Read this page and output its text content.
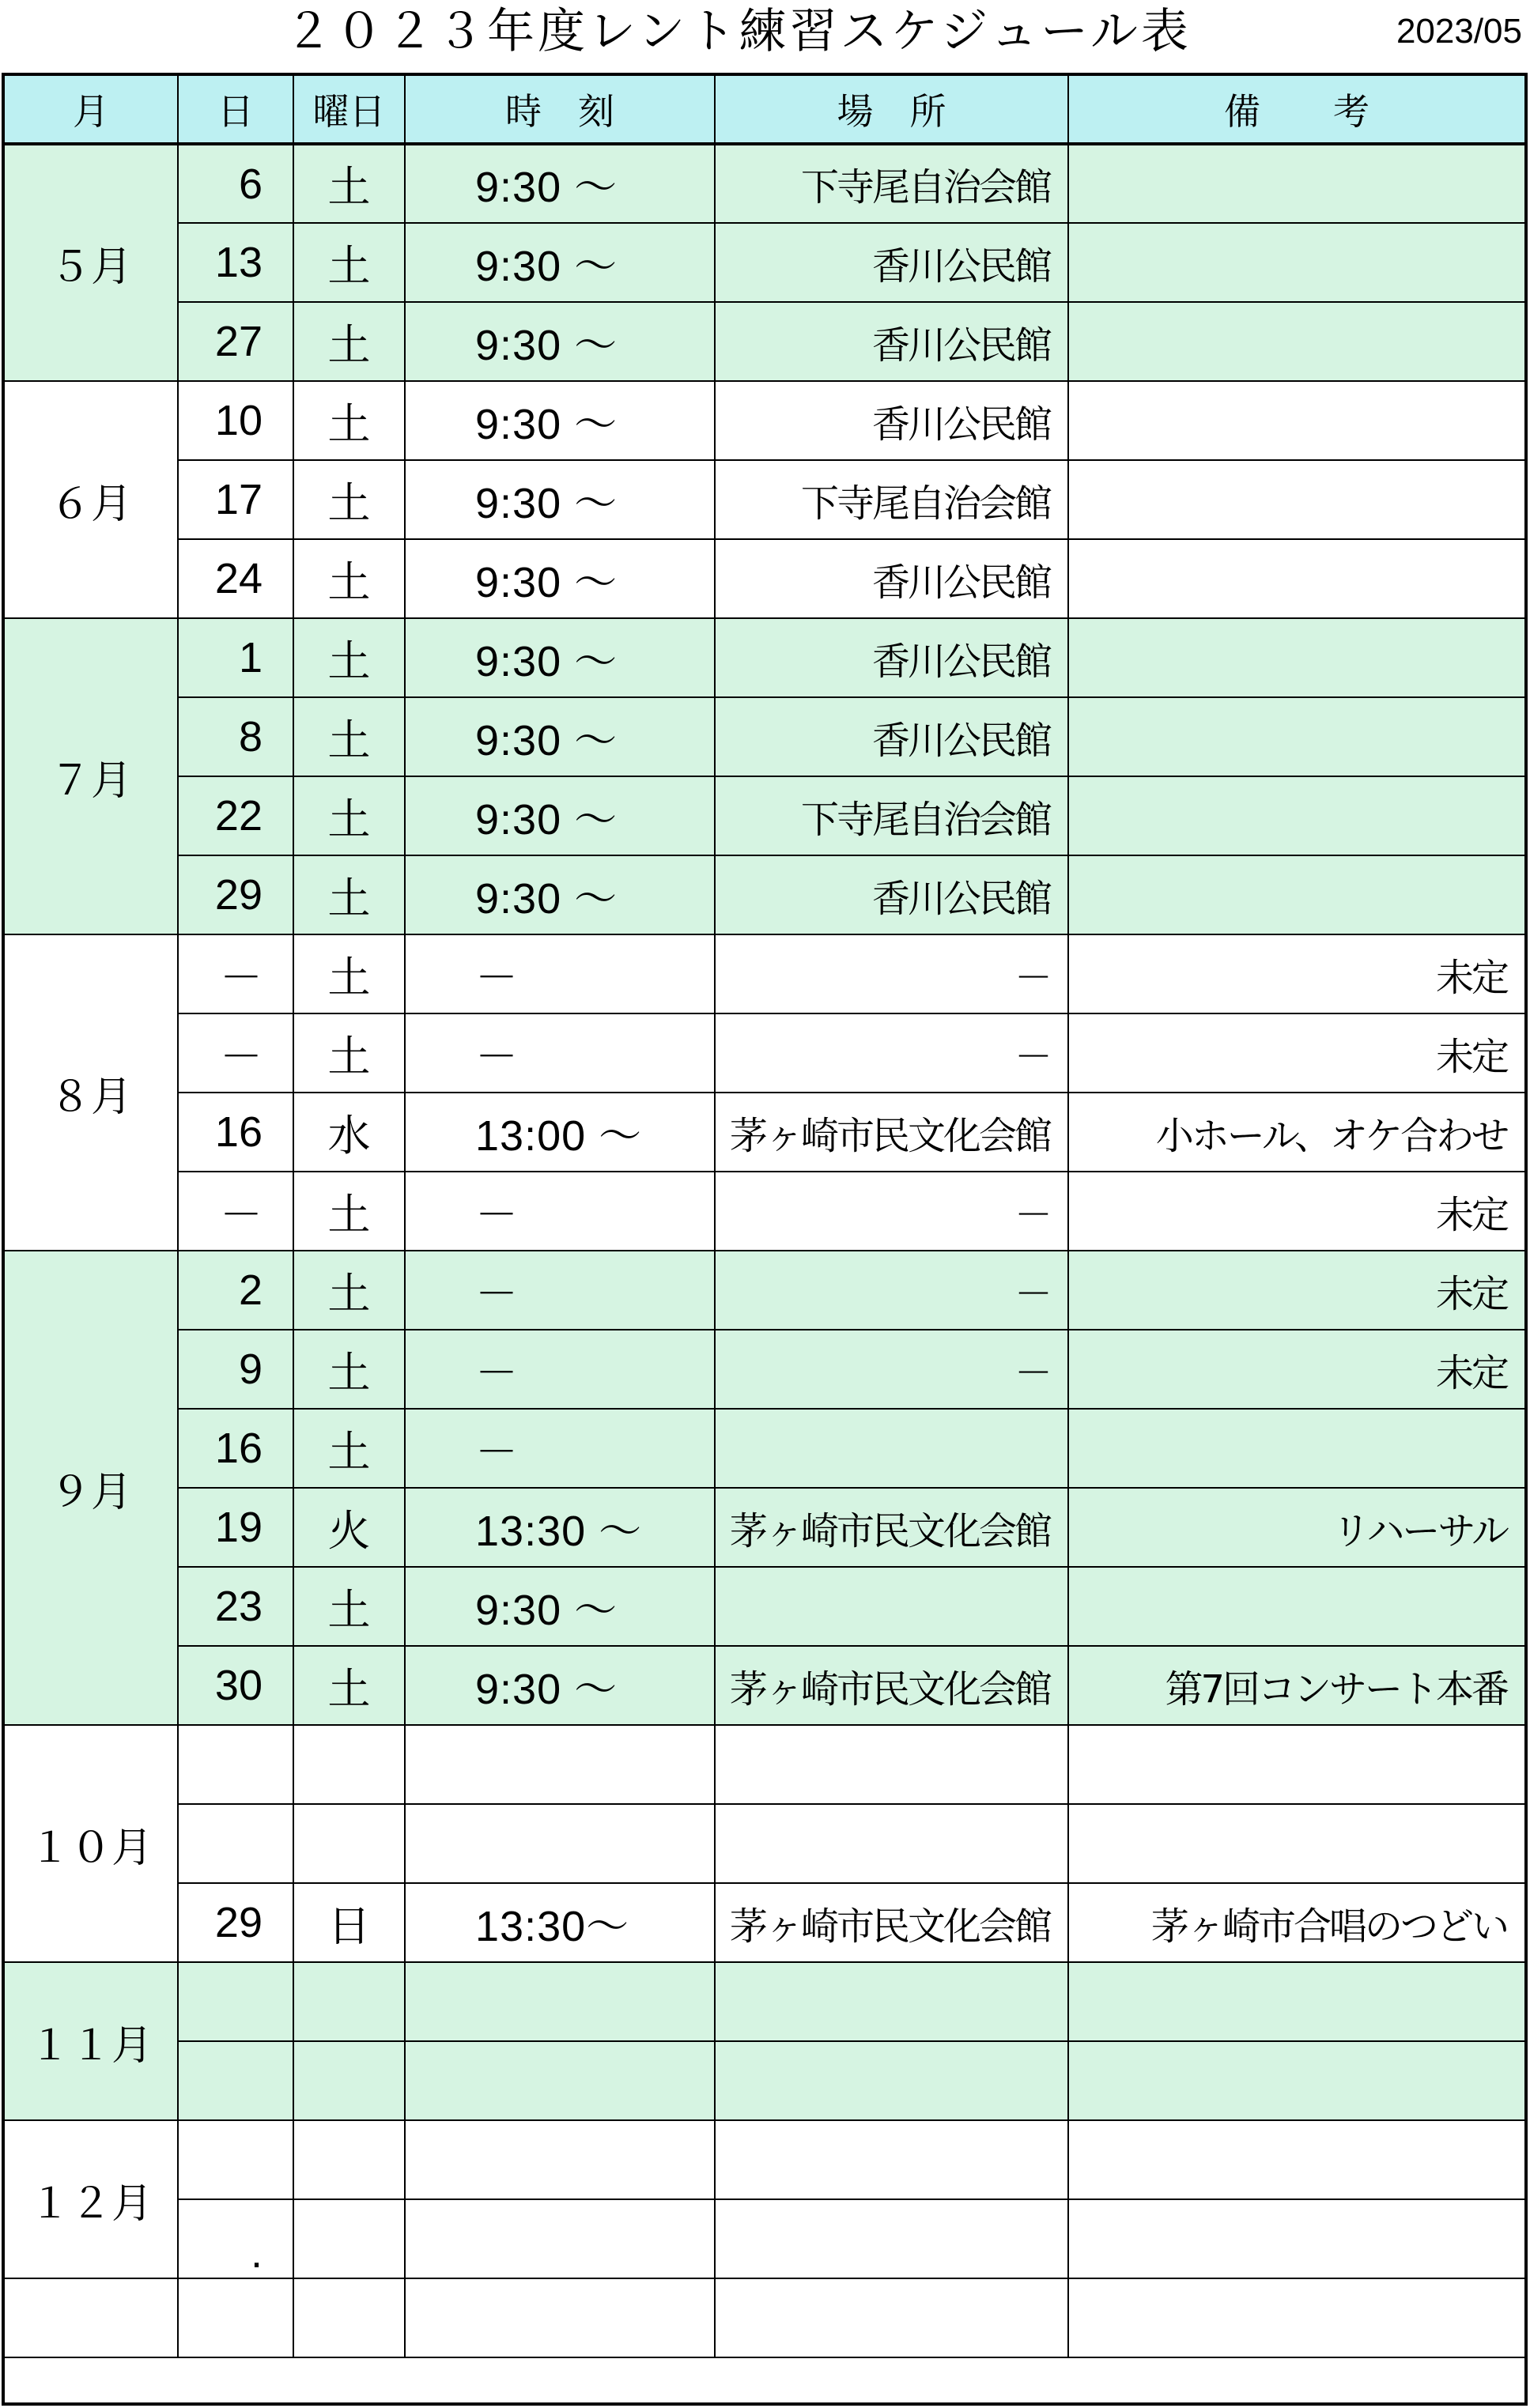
２０２３年度レント練習スケジュール表	2023/05
月	日	曜日	時　刻	場　所	備　　考
５月	6	土	9:30 ～	下寺尾自治会館	
	13	土	9:30 ～	香川公民館	
	27	土	9:30 ～	香川公民館	
６月	10	土	9:30 ～	香川公民館	
	17	土	9:30 ～	下寺尾自治会館	
	24	土	9:30 ～	香川公民館	
７月	1	土	9:30 ～	香川公民館	
	8	土	9:30 ～	香川公民館	
	22	土	9:30 ～	下寺尾自治会館	
	29	土	9:30 ～	香川公民館	
８月	－	土	－	－	未定
	－	土	－	－	未定
	16	水	13:00 ～	茅ヶ崎市民文化会館	小ホール、オケ合わせ
	－	土	－	－	未定
９月	2	土	－	－	未定
	9	土	－	－	未定
	16	土	－		
	19	火	13:30 ～	茅ヶ崎市民文化会館	リハーサル
	23	土	9:30 ～		
	30	土	9:30 ～	茅ヶ崎市民文化会館	第7回コンサート本番
１０月					

	29	日	13:30～	茅ヶ崎市民文化会館	茅ヶ崎市合唱のつどい
１１月					

１２月					
	.				
